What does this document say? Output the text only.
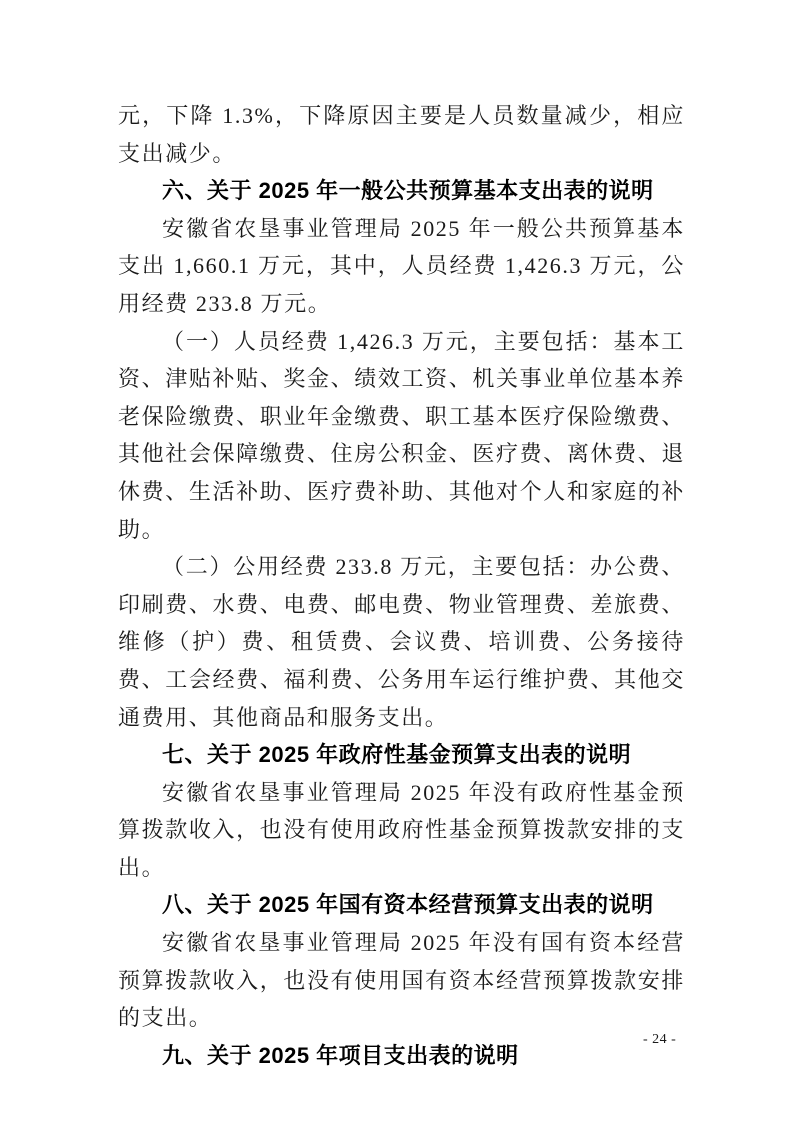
元，下降 1.3%，下降原因主要是人员数量减少，相应支出减少。

六、关于 2025 年一般公共预算基本支出表的说明

安徽省农垦事业管理局 2025 年一般公共预算基本支出 1,660.1 万元，其中，人员经费 1,426.3 万元，公用经费 233.8 万元。

（一）人员经费 1,426.3 万元，主要包括：基本工资、津贴补贴、奖金、绩效工资、机关事业单位基本养老保险缴费、职业年金缴费、职工基本医疗保险缴费、其他社会保障缴费、住房公积金、医疗费、离休费、退休费、生活补助、医疗费补助、其他对个人和家庭的补助。

（二）公用经费 233.8 万元，主要包括：办公费、印刷费、水费、电费、邮电费、物业管理费、差旅费、维修（护）费、租赁费、会议费、培训费、公务接待费、工会经费、福利费、公务用车运行维护费、其他交通费用、其他商品和服务支出。

七、关于 2025 年政府性基金预算支出表的说明

安徽省农垦事业管理局 2025 年没有政府性基金预算拨款收入，也没有使用政府性基金预算拨款安排的支出。

八、关于 2025 年国有资本经营预算支出表的说明

安徽省农垦事业管理局 2025 年没有国有资本经营预算拨款收入，也没有使用国有资本经营预算拨款安排的支出。

九、关于 2025 年项目支出表的说明
- 24 -
